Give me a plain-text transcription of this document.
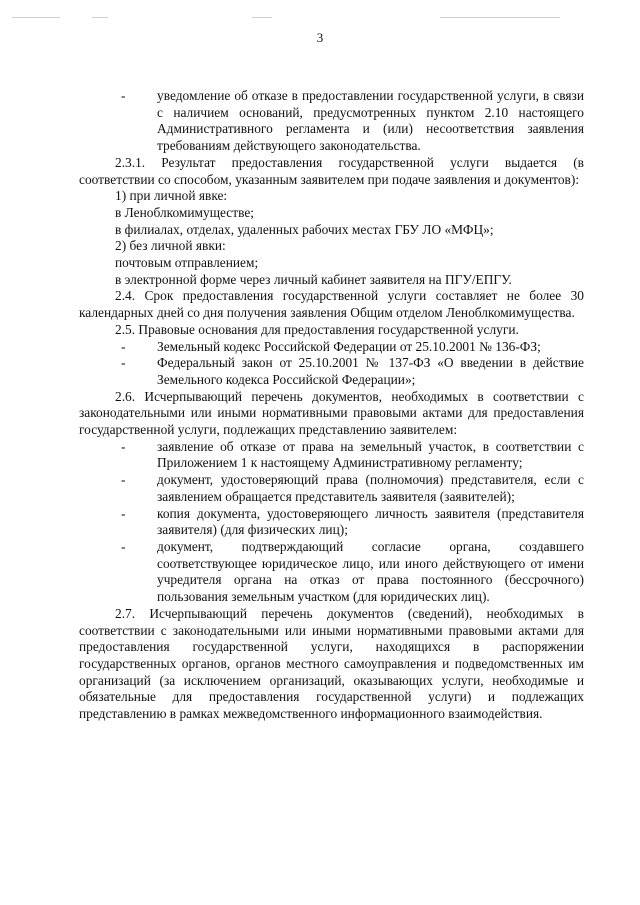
3

- уведомление об отказе в предоставлении государственной услуги, в связи с наличием оснований, предусмотренных пунктом 2.10 настоящего Административного регламента и (или) несоответствия заявления требованиям действующего законодательства.

2.3.1. Результат предоставления государственной услуги выдается (в соответствии со способом, указанным заявителем при подаче заявления и документов):

1) при личной явке:

в Леноблкомимуществе;

в филиалах, отделах, удаленных рабочих местах ГБУ ЛО «МФЦ»;

2) без личной явки:

почтовым отправлением;

в электронной форме через личный кабинет заявителя на ПГУ/ЕПГУ.

2.4. Срок предоставления государственной услуги составляет не более 30 календарных дней со дня получения заявления Общим отделом Леноблкомимущества.

2.5. Правовые основания для предоставления государственной услуги.

- Земельный кодекс Российской Федерации от 25.10.2001 № 136-ФЗ;

- Федеральный закон от 25.10.2001 № 137-ФЗ «О введении в действие Земельного кодекса Российской Федерации»;

2.6. Исчерпывающий перечень документов, необходимых в соответствии с законодательными или иными нормативными правовыми актами для предоставления государственной услуги, подлежащих представлению заявителем:

- заявление об отказе от права на земельный участок, в соответствии с Приложением 1 к настоящему Административному регламенту;

- документ, удостоверяющий права (полномочия) представителя, если с заявлением обращается представитель заявителя (заявителей);

- копия документа, удостоверяющего личность заявителя (представителя заявителя) (для физических лиц);

- документ, подтверждающий согласие органа, создавшего соответствующее юридическое лицо, или иного действующего от имени учредителя органа на отказ от права постоянного (бессрочного) пользования земельным участком (для юридических лиц).

2.7. Исчерпывающий перечень документов (сведений), необходимых в соответствии с законодательными или иными нормативными правовыми актами для предоставления государственной услуги, находящихся в распоряжении государственных органов, органов местного самоуправления и подведомственных им организаций (за исключением организаций, оказывающих услуги, необходимые и обязательные для предоставления государственной услуги) и подлежащих представлению в рамках межведомственного информационного взаимодействия.
